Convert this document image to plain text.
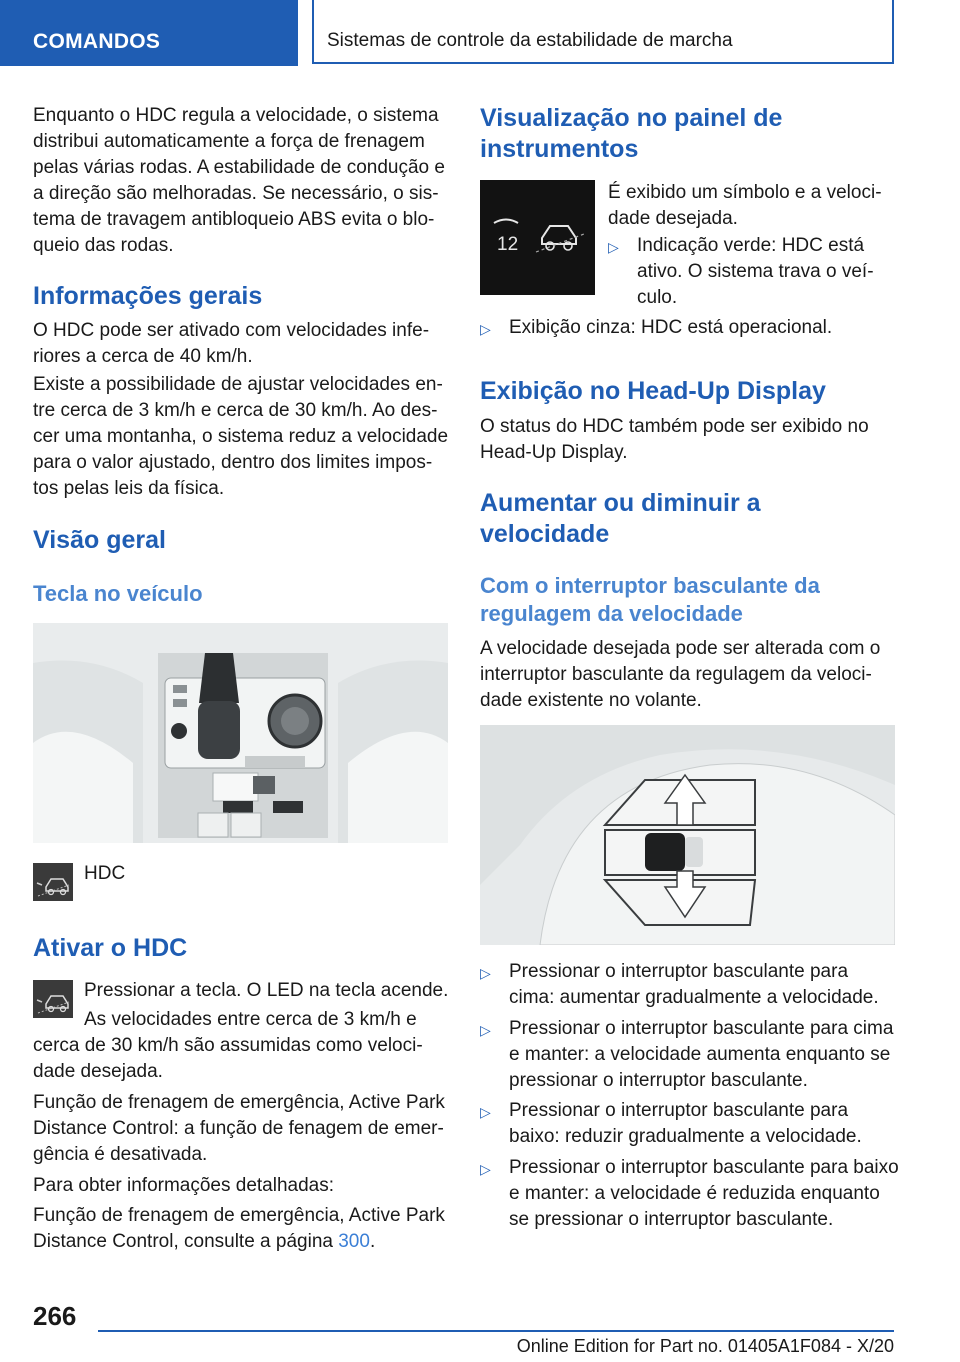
COMANDOS	Sistemas de controle da estabilidade de marcha

Enquanto o HDC regula a velocidade, o sistema
distribui automaticamente a força de frenagem
pelas várias rodas. A estabilidade de condução e
a direção são melhoradas. Se necessário, o sis-
tema de travagem antibloqueio ABS evita o blo-
queio das rodas.

Informações gerais

O HDC pode ser ativado com velocidades infe-
riores a cerca de 40 km/h.

Existe a possibilidade de ajustar velocidades en-
tre cerca de 3 km/h e cerca de 30 km/h. Ao des-
cer uma montanha, o sistema reduz a velocidade
para o valor ajustado, dentro dos limites impos-
tos pelas leis da física.

Visão geral
Tecla no veículo
HDC
Ativar o HDC
Pressionar a tecla. O LED na tecla acende.

As velocidades entre cerca de 3 km/h e
cerca de 30 km/h são assumidas como veloci-
dade desejada.

Função de frenagem de emergência, Active Park
Distance Control: a função de fenagem de emer-
gência é desativada.

Para obter informações detalhadas:

Função de frenagem de emergência, Active Park
Distance Control, consulte a página 300.

Visualização no painel de
instrumentos
12

É exibido um símbolo e a veloci-
dade desejada.

▷ Indicação verde: HDC está
ativo. O sistema trava o veí-
culo.
▷ Exibição cinza: HDC está operacional.
Exibição no Head-Up Display

O status do HDC também pode ser exibido no
Head-Up Display.

Aumentar ou diminuir a
velocidade
Com o interruptor basculante da
regulagem da velocidade

A velocidade desejada pode ser alterada com o
interruptor basculante da regulagem da veloci-
dade existente no volante.

▷ Pressionar o interruptor basculante para
cima: aumentar gradualmente a velocidade.
▷ Pressionar o interruptor basculante para cima
e manter: a velocidade aumenta enquanto se
pressionar o interruptor basculante.
▷ Pressionar o interruptor basculante para
baixo: reduzir gradualmente a velocidade.
▷ Pressionar o interruptor basculante para baixo
e manter: a velocidade é reduzida enquanto
se pressionar o interruptor basculante.
266
Online Edition for Part no. 01405A1F084 - X/20
